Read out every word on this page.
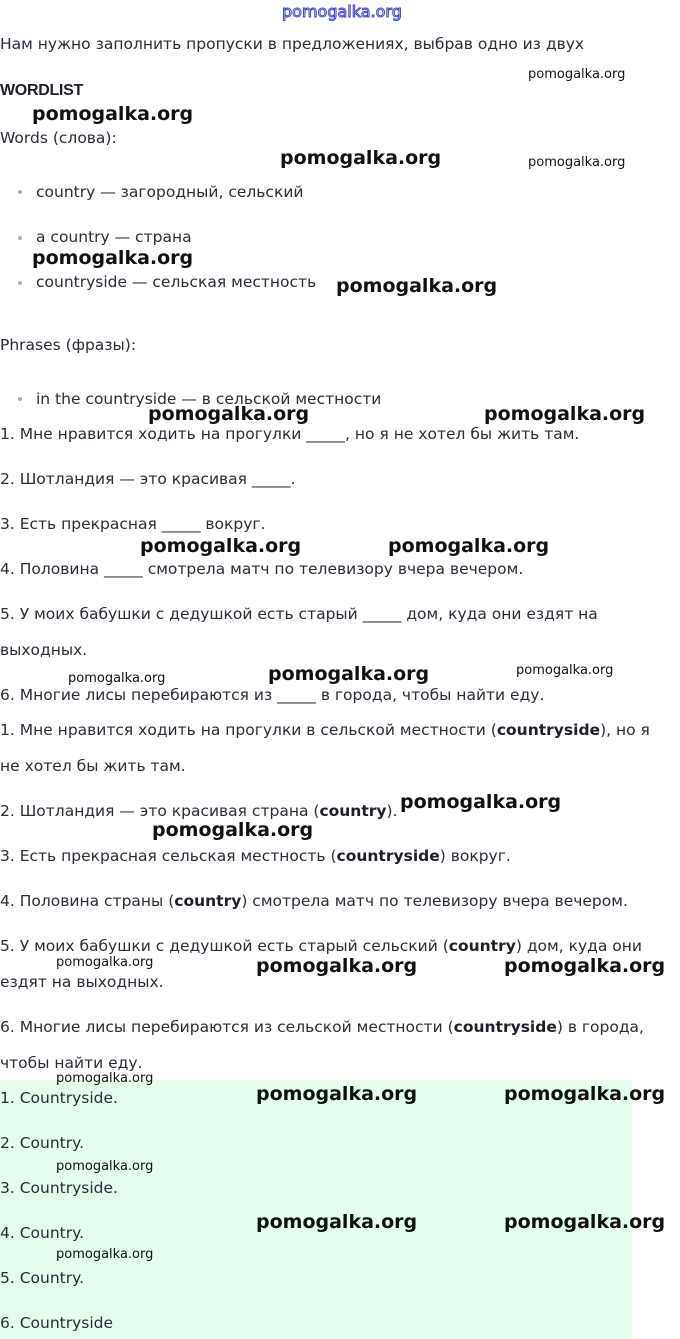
pomogalka.org
Нам нужно заполнить пропуски в предложениях, выбрав одно из двух
WORDLIST
Words (слова):
country — загородный, сельский
a country — страна
countryside — сельская местность
Phrases (фразы):
in the countryside — в сельской местности
1. Мне нравится ходить на прогулки _____, но я не хотел бы жить там.
2. Шотландия — это красивая _____.
3. Есть прекрасная _____ вокруг.
4. Половина _____ смотрела матч по телевизору вчера вечером.
5. У моих бабушки с дедушкой есть старый _____ дом, куда они ездят на
выходных.
6. Многие лисы перебираются из _____ в города, чтобы найти еду.
1. Мне нравится ходить на прогулки в сельской местности (countryside), но я
не хотел бы жить там.
2. Шотландия — это красивая страна (country).
3. Есть прекрасная сельская местность (countryside) вокруг.
4. Половина страны (country) смотрела матч по телевизору вчера вечером.
5. У моих бабушки с дедушкой есть старый сельский (country) дом, куда они
ездят на выходных.
6. Многие лисы перебираются из сельской местности (countryside) в города,
чтобы найти еду.
1. Countryside.
2. Country.
3. Countryside.
4. Country.
5. Country.
6. Countryside
pomogalka.org
pomogalka.org
pomogalka.org	pomogalka.org
pomogalka.org
pomogalka.org
pomogalka.org	pomogalka.org
pomogalka.org	pomogalka.org
pomogalka.org	pomogalka.org	pomogalka.org
pomogalka.org
pomogalka.org
pomogalka.org	pomogalka.org	pomogalka.org
pomogalka.org
pomogalka.org	pomogalka.org
pomogalka.org
pomogalka.org	pomogalka.org
pomogalka.org
